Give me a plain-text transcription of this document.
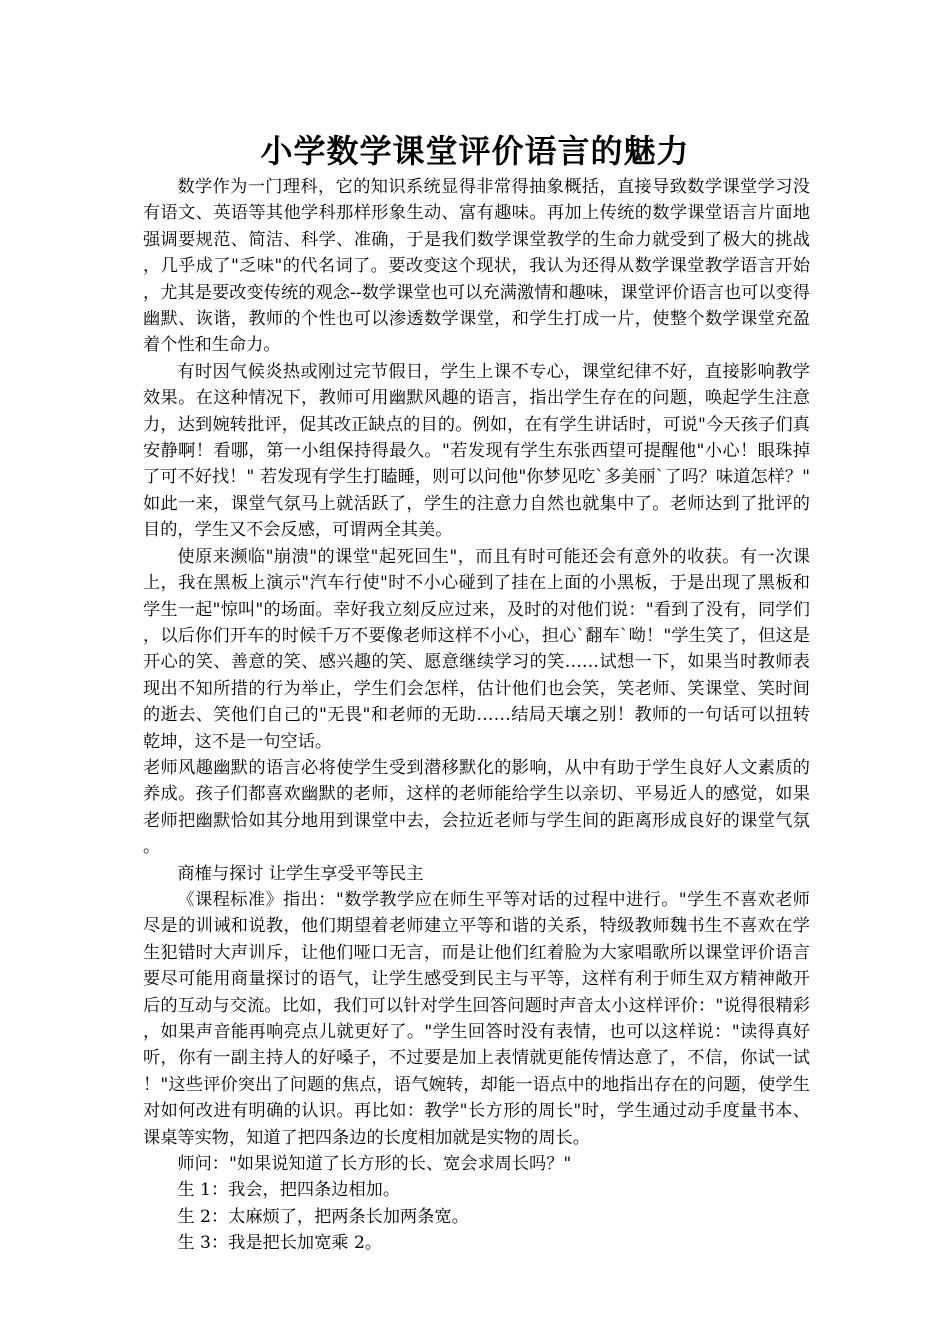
小学数学课堂评价语言的魅力

数学作为一门理科，它的知识系统显得非常得抽象概括，直接导致数学课堂学习没有语文、英语等其他学科那样形象生动、富有趣味。再加上传统的数学课堂语言片面地强调要规范、简洁、科学、准确，于是我们数学课堂教学的生命力就受到了极大的挑战，几乎成了"乏味"的代名词了。要改变这个现状，我认为还得从数学课堂教学语言开始，尤其是要改变传统的观念--数学课堂也可以充满激情和趣味，课堂评价语言也可以变得幽默、诙谐，教师的个性也可以渗透数学课堂，和学生打成一片，使整个数学课堂充盈着个性和生命力。

有时因气候炎热或刚过完节假日，学生上课不专心，课堂纪律不好，直接影响教学效果。在这种情况下，教师可用幽默风趣的语言，指出学生存在的问题，唤起学生注意力，达到婉转批评，促其改正缺点的目的。例如，在有学生讲话时，可说"今天孩子们真安静啊！看哪，第一小组保持得最久。"若发现有学生东张西望可提醒他"小心！眼珠掉了可不好找！" 若发现有学生打瞌睡，则可以问他"你梦见吃`多美丽`了吗？味道怎样？"如此一来，课堂气氛马上就活跃了，学生的注意力自然也就集中了。老师达到了批评的目的，学生又不会反感，可谓两全其美。

使原来濒临"崩溃"的课堂"起死回生"，而且有时可能还会有意外的收获。有一次课上，我在黑板上演示"汽车行使"时不小心碰到了挂在上面的小黑板，于是出现了黑板和学生一起"惊叫"的场面。幸好我立刻反应过来，及时的对他们说："看到了没有，同学们，以后你们开车的时候千万不要像老师这样不小心，担心`翻车`呦！"学生笑了，但这是开心的笑、善意的笑、感兴趣的笑、愿意继续学习的笑……试想一下，如果当时教师表现出不知所措的行为举止，学生们会怎样，估计他们也会笑，笑老师、笑课堂、笑时间的逝去、笑他们自己的"无畏"和老师的无助……结局天壤之别！教师的一句话可以扭转乾坤，这不是一句空话。

老师风趣幽默的语言必将使学生受到潜移默化的影响，从中有助于学生良好人文素质的养成。孩子们都喜欢幽默的老师，这样的老师能给学生以亲切、平易近人的感觉，如果老师把幽默恰如其分地用到课堂中去，会拉近老师与学生间的距离形成良好的课堂气氛。

商榷与探讨 让学生享受平等民主

《课程标准》指出："数学教学应在师生平等对话的过程中进行。"学生不喜欢老师尽是的训诫和说教，他们期望着老师建立平等和谐的关系，特级教师魏书生不喜欢在学生犯错时大声训斥，让他们哑口无言，而是让他们红着脸为大家唱歌所以课堂评价语言要尽可能用商量探讨的语气，让学生感受到民主与平等，这样有利于师生双方精神敞开后的互动与交流。比如，我们可以针对学生回答问题时声音太小这样评价："说得很精彩，如果声音能再响亮点儿就更好了。"学生回答时没有表情，也可以这样说："读得真好听，你有一副主持人的好嗓子，不过要是加上表情就更能传情达意了，不信，你试一试！"这些评价突出了问题的焦点，语气婉转，却能一语点中的地指出存在的问题，使学生对如何改进有明确的认识。再比如：教学"长方形的周长"时，学生通过动手度量书本、课桌等实物，知道了把四条边的长度相加就是实物的周长。

师问："如果说知道了长方形的长、宽会求周长吗？"

生 1：我会，把四条边相加。

生 2：太麻烦了，把两条长加两条宽。

生 3：我是把长加宽乘 2。
